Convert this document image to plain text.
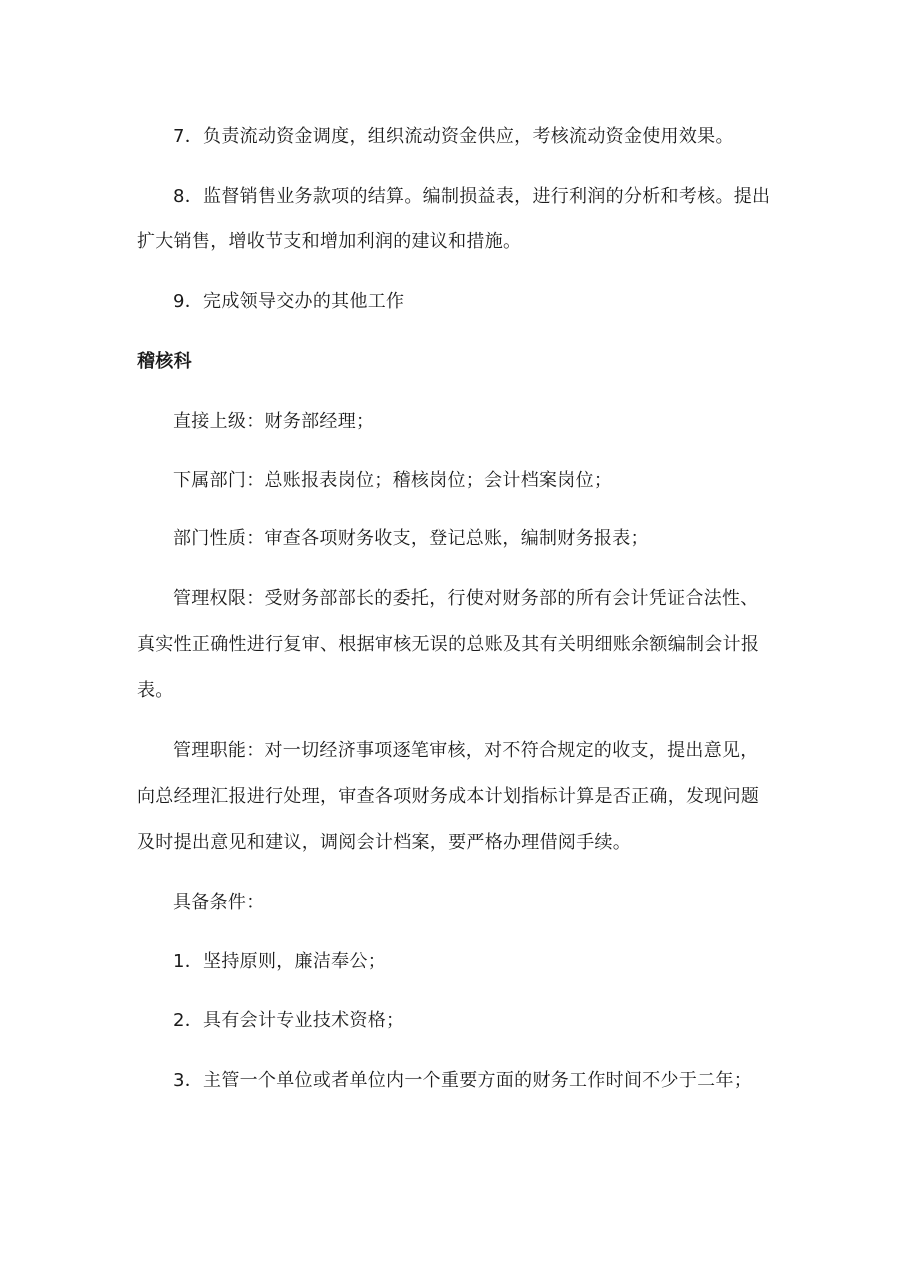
7．负责流动资金调度，组织流动资金供应，考核流动资金使用效果。
8．监督销售业务款项的结算。编制损益表，进行利润的分析和考核。提出
扩大销售，增收节支和增加利润的建议和措施。
9．完成领导交办的其他工作
稽核科
直接上级：财务部经理；
下属部门：总账报表岗位；稽核岗位；会计档案岗位；
部门性质：审查各项财务收支，登记总账，编制财务报表；
管理权限：受财务部部长的委托，行使对财务部的所有会计凭证合法性、
真实性正确性进行复审、根据审核无误的总账及其有关明细账余额编制会计报
表。
管理职能：对一切经济事项逐笔审核，对不符合规定的收支，提出意见，
向总经理汇报进行处理，审查各项财务成本计划指标计算是否正确，发现问题
及时提出意见和建议，调阅会计档案，要严格办理借阅手续。
具备条件：
1．坚持原则，廉洁奉公；
2．具有会计专业技术资格；
3．主管一个单位或者单位内一个重要方面的财务工作时间不少于二年；
